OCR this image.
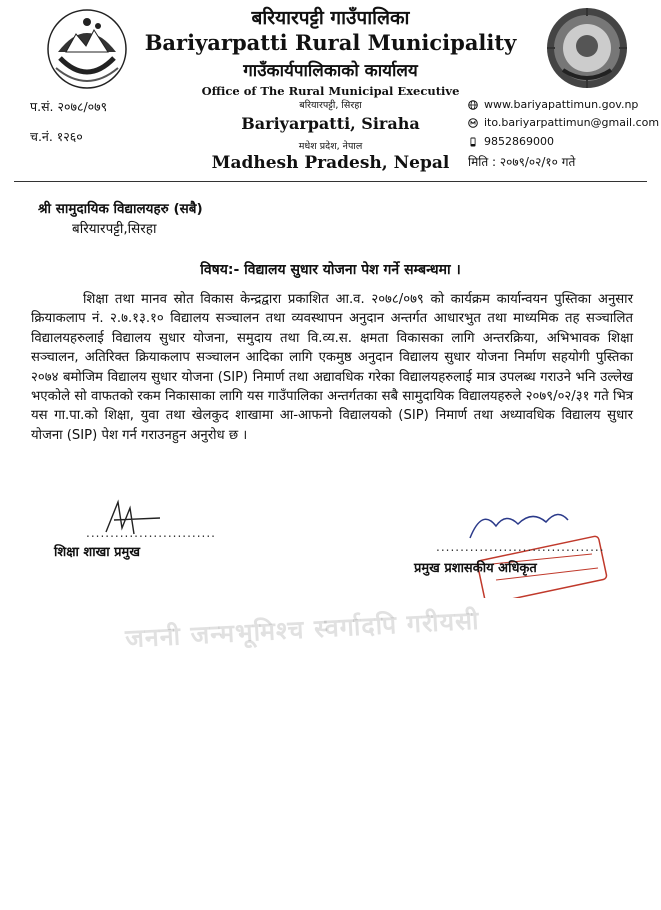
बरियारपट्टी गाउँपालिका
Bariyarpatti Rural Municipality
गाउँकार्यपालिकाको कार्यालय
Office of The Rural Municipal Executive
बरियारपट्टी, सिरहा
Bariyarpatti, Siraha
मधेश प्रदेश, नेपाल
Madhesh Pradesh, Nepal
प.सं. २०७८/०७९
च.नं. १२६०
www.bariyapattimun.gov.np
ito.bariyarpattimun@gmail.com
9852869000
मिति : २०७९/०२/१० गते
श्री सामुदायिक विद्यालयहरु (सबै)
बरियारपट्टी,सिरहा
विषय:- विद्यालय सुधार योजना पेश गर्ने सम्बन्धमा ।
शिक्षा तथा मानव स्रोत विकास केन्द्रद्वारा प्रकाशित आ.व. २०७८/०७९ को कार्यक्रम कार्यान्वयन पुस्तिका अनुसार क्रियाकलाप नं. २.७.१३.१० विद्यालय सञ्चालन तथा व्यवस्थापन अनुदान अन्तर्गत आधारभुत तथा माध्यमिक तह सञ्चालित विद्यालयहरुलाई विद्यालय सुधार योजना, समुदाय तथा वि.व्य.स. क्षमता विकासका लागि अन्तरक्रिया, अभिभावक शिक्षा सञ्चालन, अतिरिक्त क्रियाकलाप सञ्चालन आदिका लागि एकमुष्ठ अनुदान विद्यालय सुधार योजना निर्माण सहयोगी पुस्तिका २०७४ बमोजिम विद्यालय सुधार योजना (SIP) निमार्ण तथा अद्यावधिक गरेका विद्यालयहरुलाई मात्र उपलब्ध गराउने भनि उल्लेख भएकोले सो वाफतको रकम निकासाका लागि यस गाउँपालिका अन्तर्गतका सबै सामुदायिक विद्यालयहरुले २०७९/०२/३१ गते भित्र यस गा.पा.को शिक्षा, युवा तथा खेलकुद शाखामा आ-आफनो विद्यालयको (SIP) निमार्ण तथा अध्यावधिक विद्यालय सुधार योजना (SIP) पेश गर्न गराउनहुन अनुरोध छ ।
...........................
शिक्षा शाखा प्रमुख	...................................
प्रमुख प्रशासकीय अधिकृत
जननी जन्मभूमिश्च स्वर्गादपि गरीयसी
